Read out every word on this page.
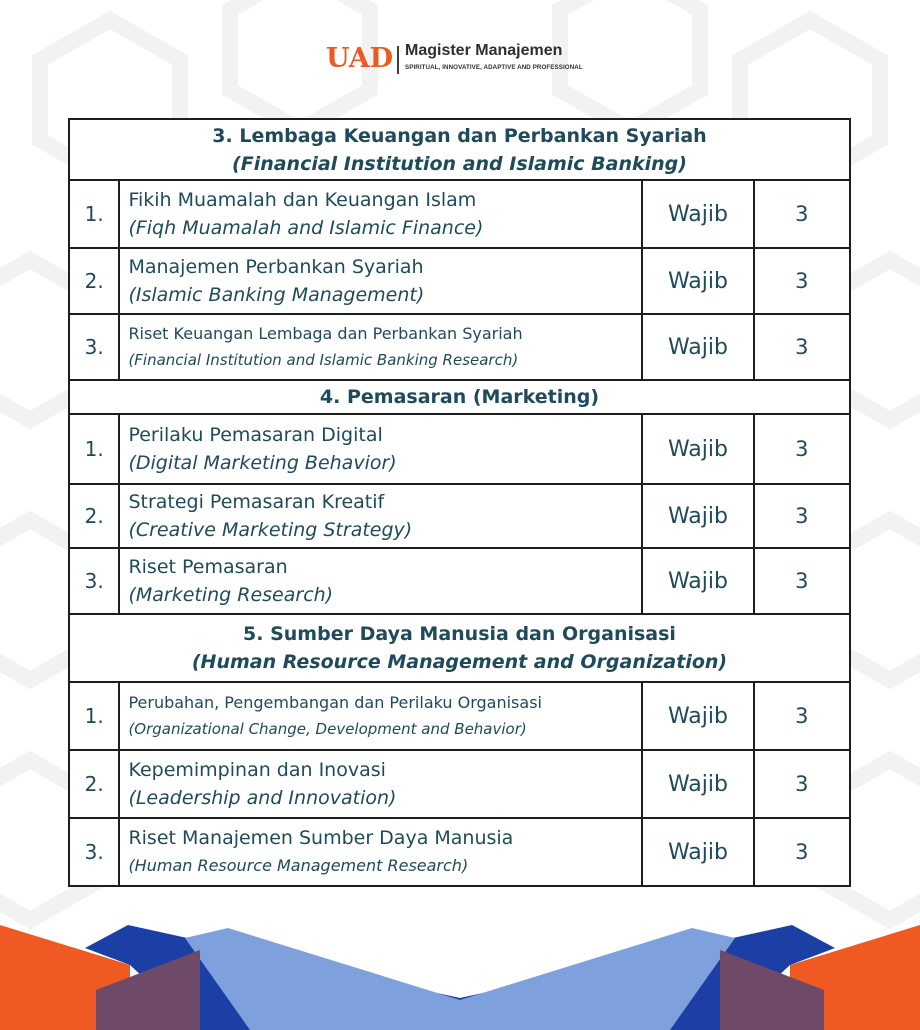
UAD Magister Manajemen
SPIRITUAL, INNOVATIVE, ADAPTIVE AND PROFESSIONAL
3. Lembaga Keuangan dan Perbankan Syariah
(Financial Institution and Islamic Banking)			

1.	Fikih Muamalah dan Keuangan Islam
(Fiqh Muamalah and Islamic Finance)	Wajib	3
2.	Manajemen Perbankan Syariah
(Islamic Banking Management)	Wajib	3
3.	Riset Keuangan Lembaga dan Perbankan Syariah
(Financial Institution and Islamic Banking Research)	Wajib	3

4. Pemasaran (Marketing)			

1.	Perilaku Pemasaran Digital
(Digital Marketing Behavior)	Wajib	3
2.	Strategi Pemasaran Kreatif
(Creative Marketing Strategy)	Wajib	3
3.	Riset Pemasaran
(Marketing Research)	Wajib	3

5. Sumber Daya Manusia dan Organisasi
(Human Resource Management and Organization)			

1.	Perubahan, Pengembangan dan Perilaku Organisasi
(Organizational Change, Development and Behavior)	Wajib	3
2.	Kepemimpinan dan Inovasi
(Leadership and Innovation)	Wajib	3
3.	Riset Manajemen Sumber Daya Manusia
(Human Resource Management Research)	Wajib	3
